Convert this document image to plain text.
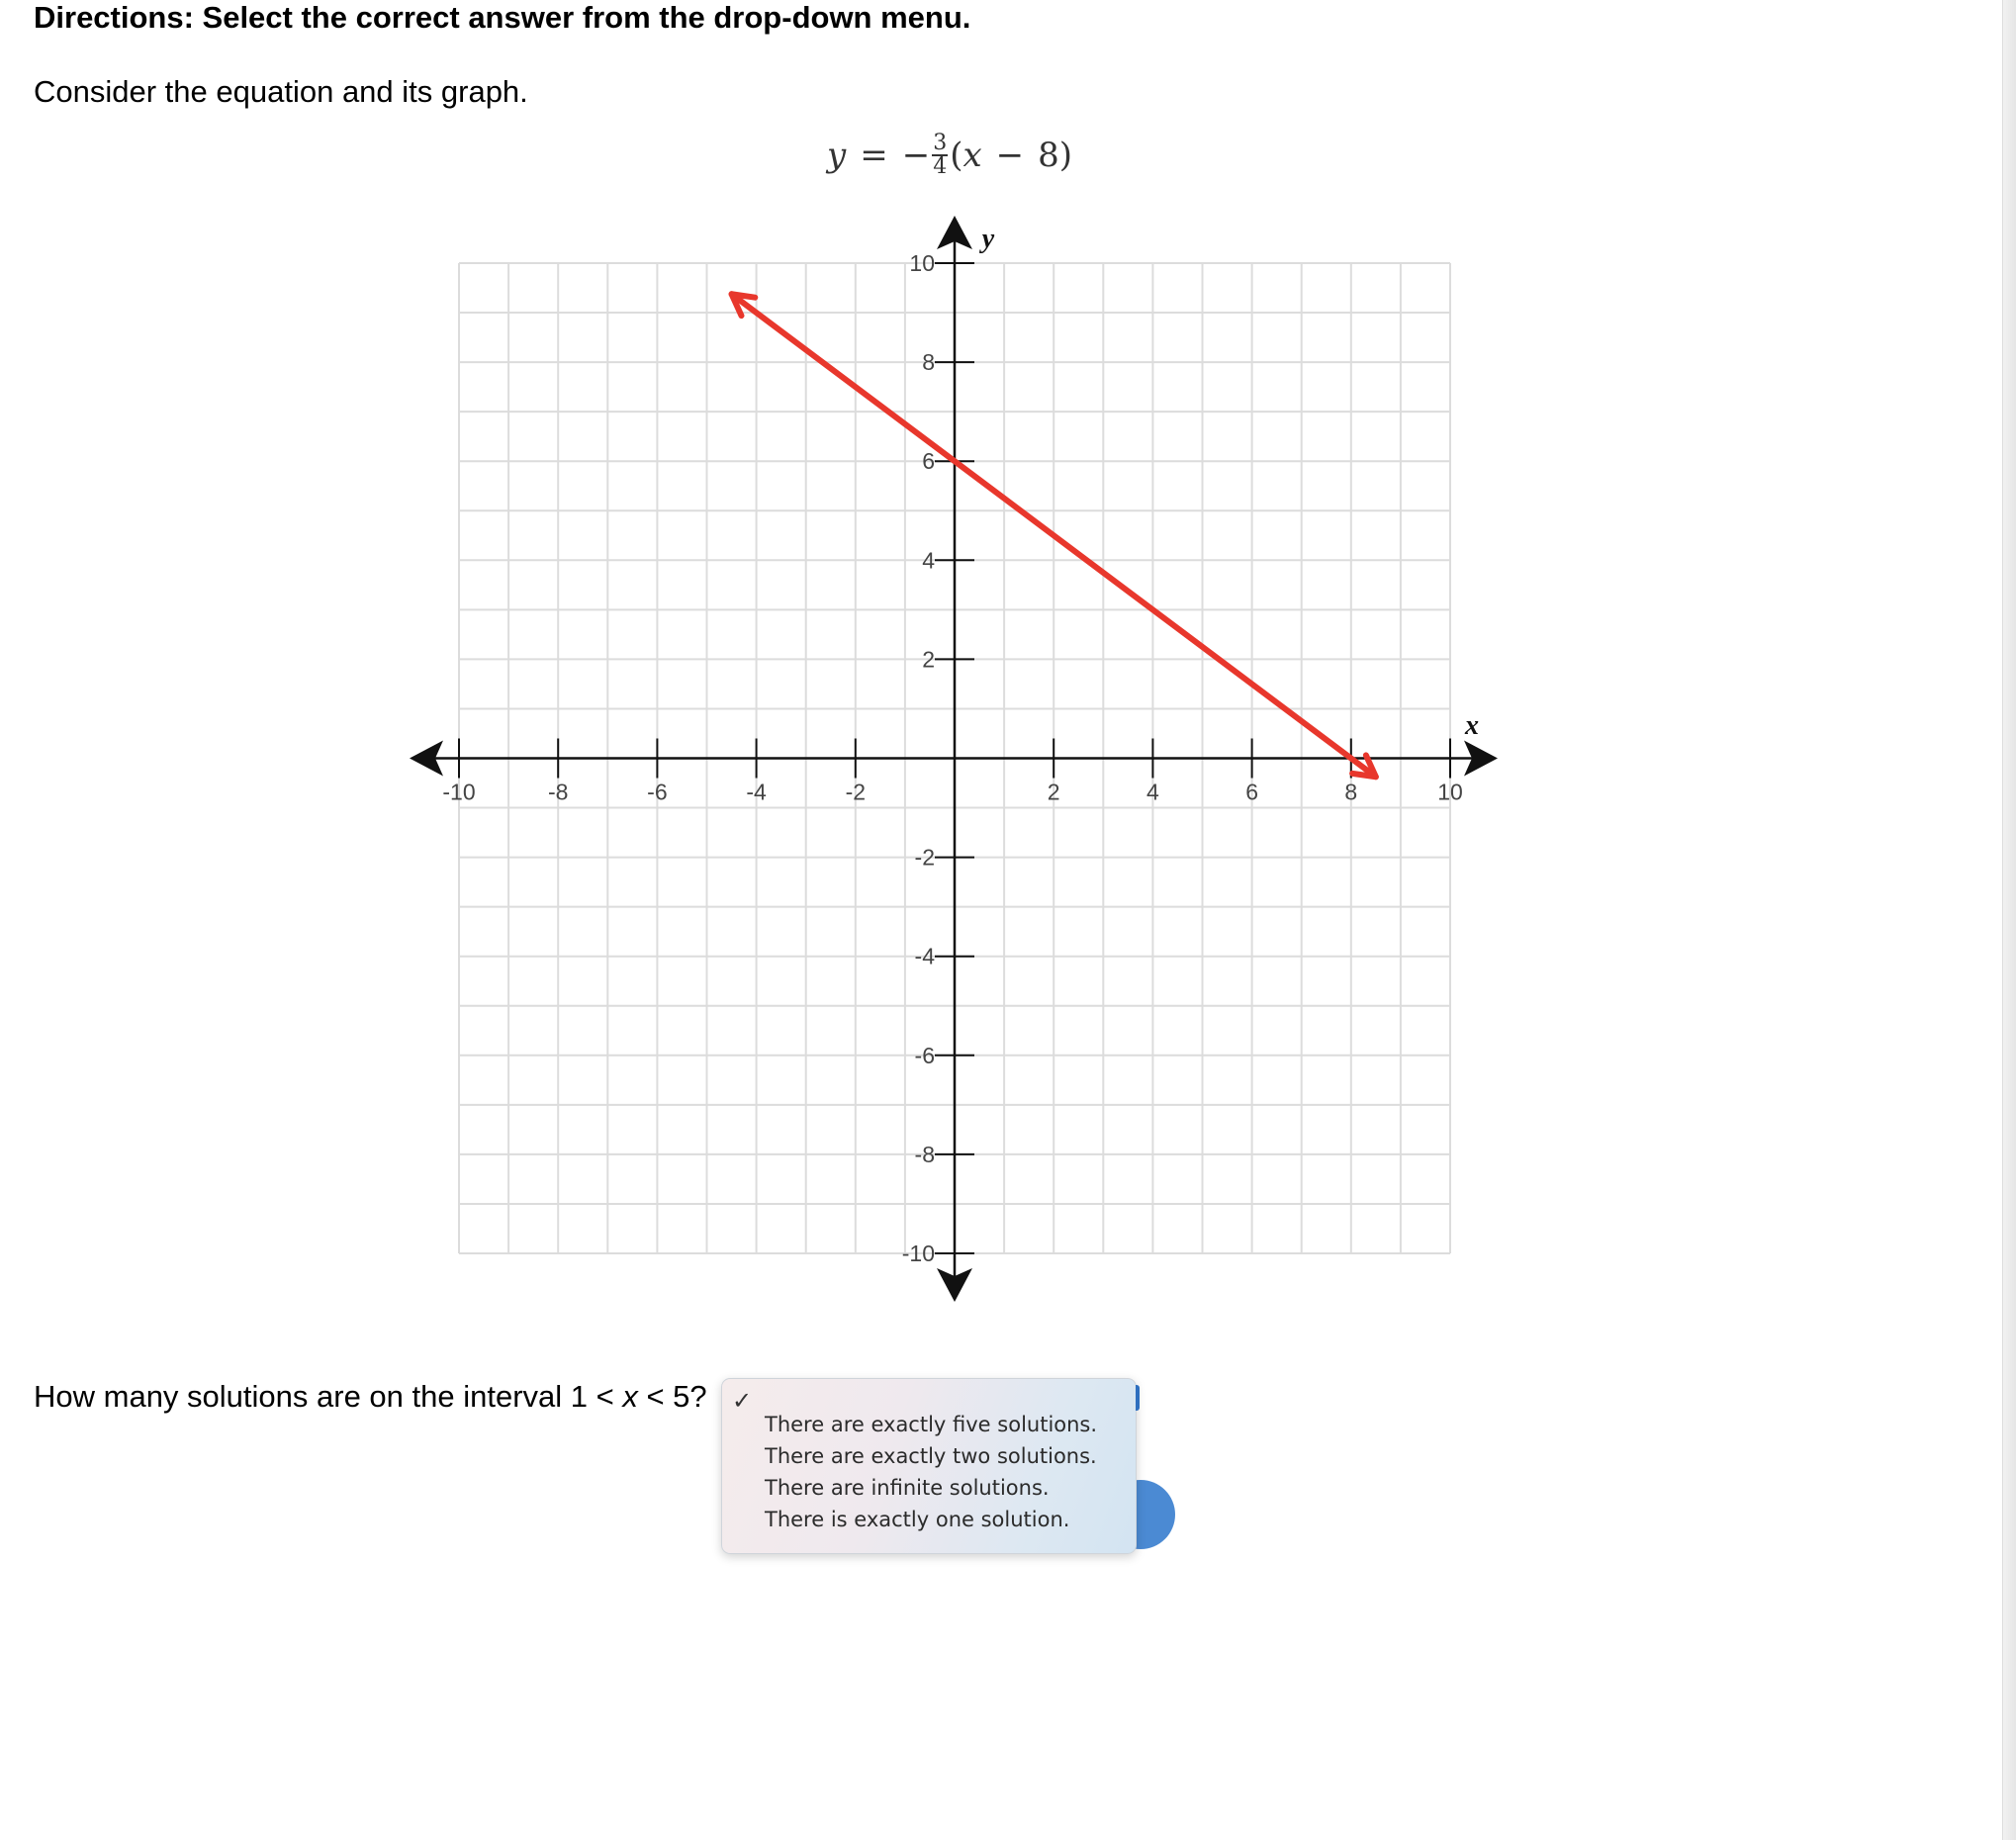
Directions: Select the correct answer from the drop-down menu.
Consider the equation and its graph.
y = − $\frac{3}{4}$ ( x − 8)
-10	-8	-6	-4	-2	2	4	6	8	10
10
8
6
4
2
-2
-4
-6
-8
-10
x
y
How many solutions are on the interval 1 < x < 5?
There are exactly five solutions.
There are exactly two solutions.
There are infinite solutions.
There is exactly one solution.
✓
